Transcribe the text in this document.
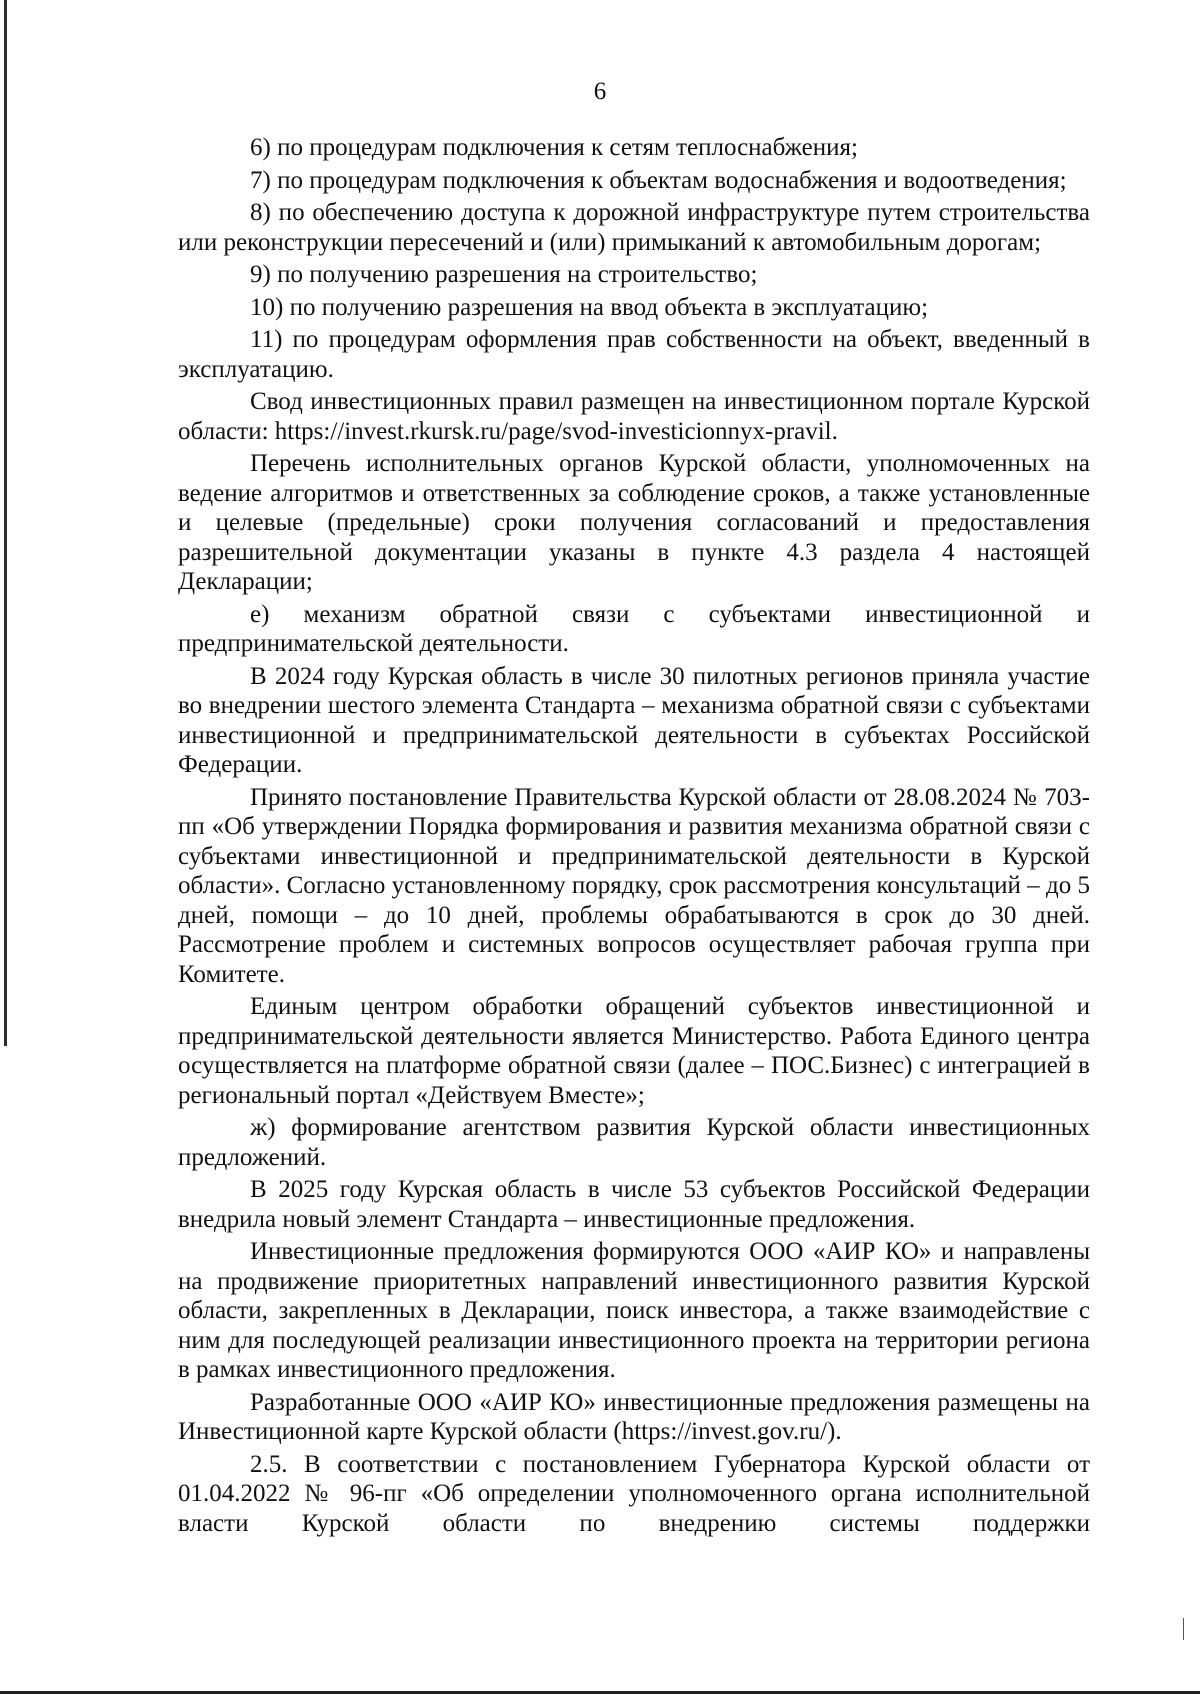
6

6) по процедурам подключения к сетям теплоснабжения;

7) по процедурам подключения к объектам водоснабжения и водоотведения;

8) по обеспечению доступа к дорожной инфраструктуре путем строительства или реконструкции пересечений и (или) примыканий к автомобильным дорогам;

9) по получению разрешения на строительство;

10) по получению разрешения на ввод объекта в эксплуатацию;

11) по процедурам оформления прав собственности на объект, введенный в эксплуатацию.

Свод инвестиционных правил размещен на инвестиционном портале Курской области: https://invest.rkursk.ru/page/svod-investicionnyx-pravil.

Перечень исполнительных органов Курской области, уполномоченных на ведение алгоритмов и ответственных за соблюдение сроков, а также установленные и целевые (предельные) сроки получения согласований и предоставления разрешительной документации указаны в пункте 4.3 раздела 4 настоящей Декларации;

е) механизм обратной связи с субъектами инвестиционной и предпринимательской деятельности.

В 2024 году Курская область в числе 30 пилотных регионов приняла участие во внедрении шестого элемента Стандарта – механизма обратной связи с субъектами инвестиционной и предпринимательской деятельности в субъектах Российской Федерации.

Принято постановление Правительства Курской области от 28.08.2024 № 703-пп «Об утверждении Порядка формирования и развития механизма обратной связи с субъектами инвестиционной и предпринимательской деятельности в Курской области». Согласно установленному порядку, срок рассмотрения консультаций – до 5 дней, помощи – до 10 дней, проблемы обрабатываются в срок до 30 дней. Рассмотрение проблем и системных вопросов осуществляет рабочая группа при Комитете.

Единым центром обработки обращений субъектов инвестиционной и предпринимательской деятельности является Министерство. Работа Единого центра осуществляется на платформе обратной связи (далее – ПОС.Бизнес) с интеграцией в региональный портал «Действуем Вместе»;

ж) формирование агентством развития Курской области инвестиционных предложений.

В 2025 году Курская область в числе 53 субъектов Российской Федерации внедрила новый элемент Стандарта – инвестиционные предложения.

Инвестиционные предложения формируются ООО «АИР КО» и направлены на продвижение приоритетных направлений инвестиционного развития Курской области, закрепленных в Декларации, поиск инвестора, а также взаимодействие с ним для последующей реализации инвестиционного проекта на территории региона в рамках инвестиционного предложения.

Разработанные ООО «АИР КО» инвестиционные предложения размещены на Инвестиционной карте Курской области (https://invest.gov.ru/).

2.5. В соответствии с постановлением Губернатора Курской области от 01.04.2022 № 96-пг «Об определении уполномоченного органа исполнительной власти Курской области по внедрению системы поддержки
